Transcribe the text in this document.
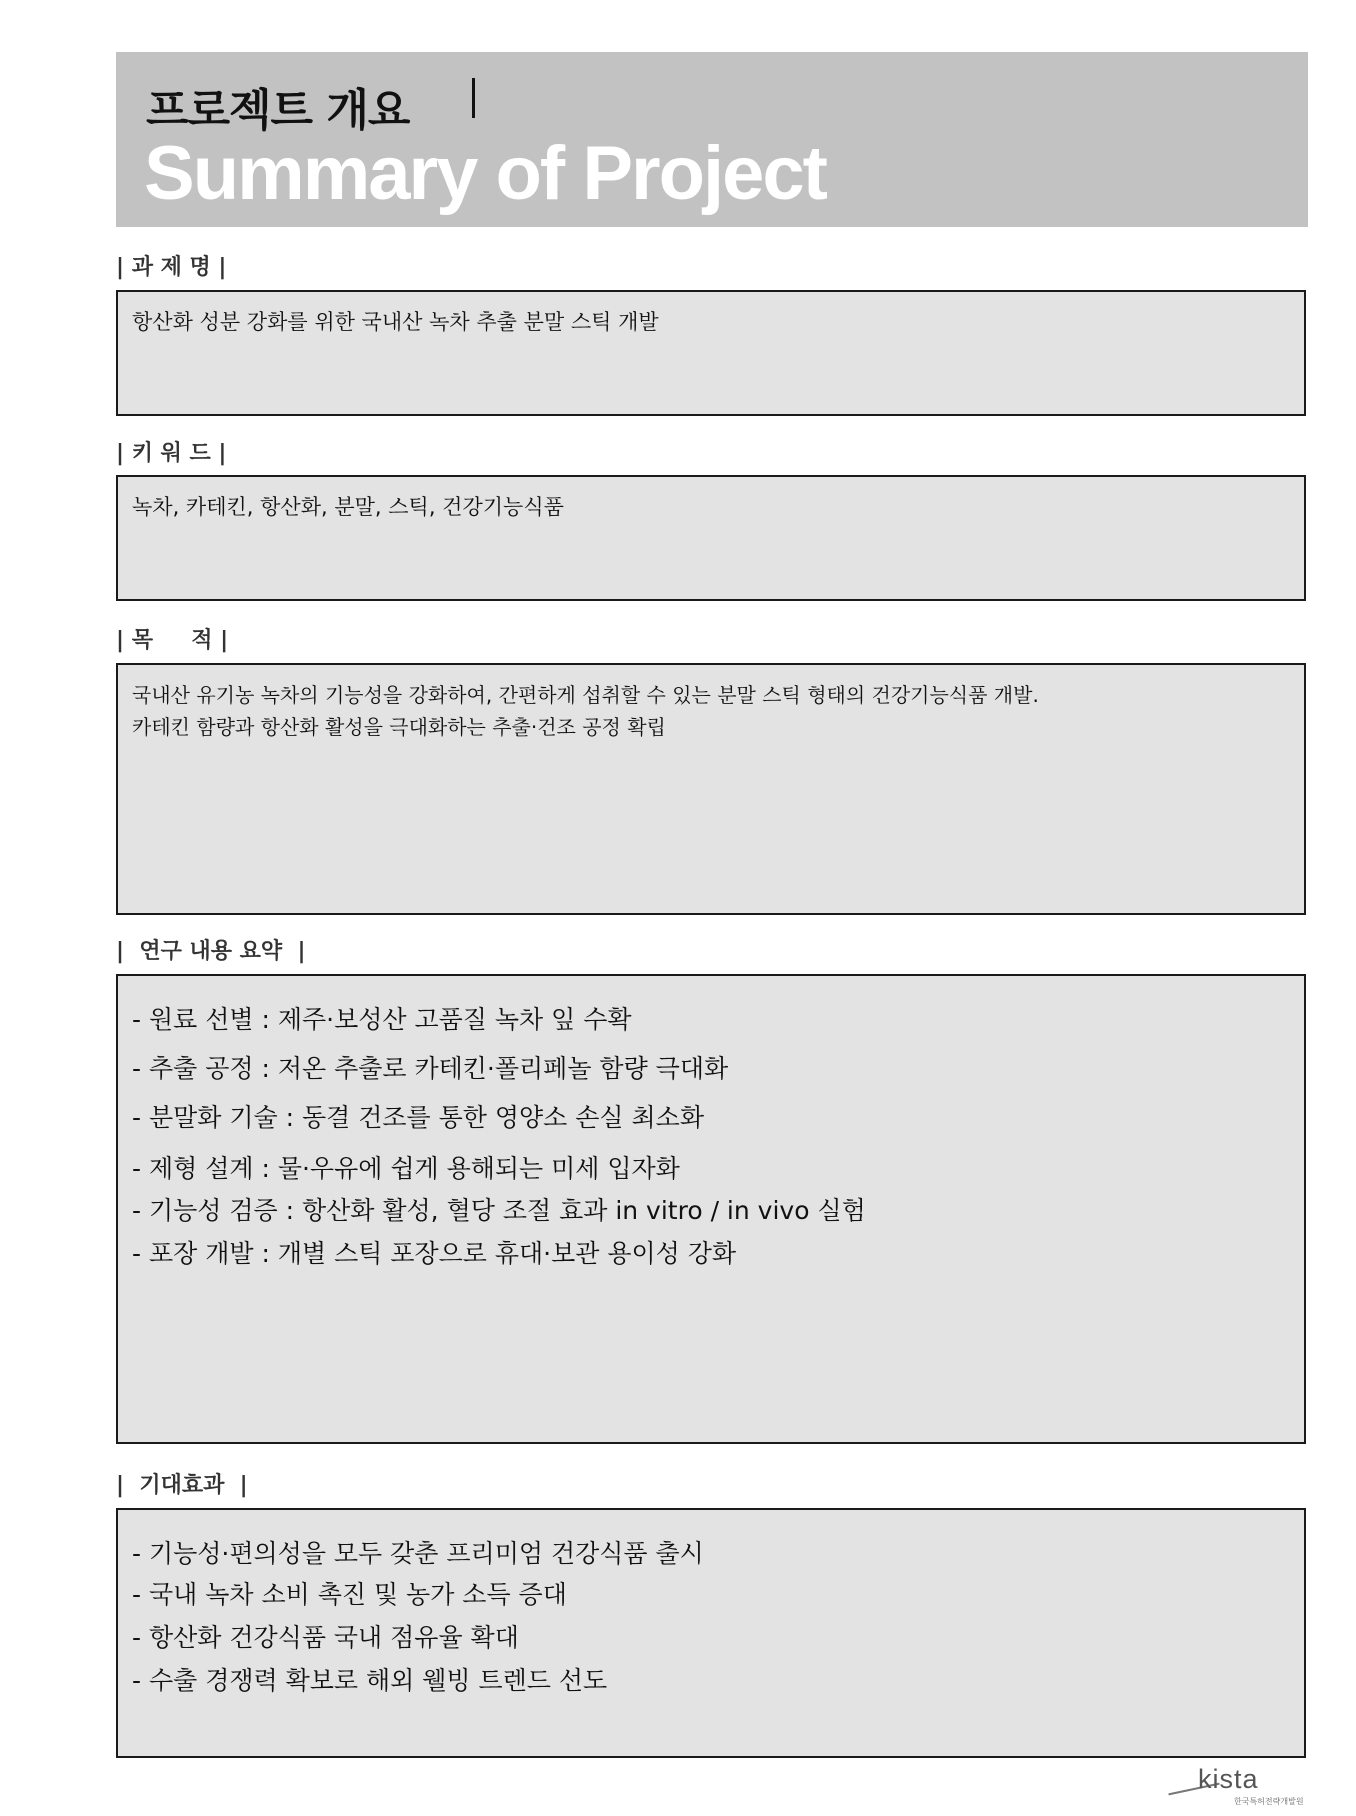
프로젝트 개요
Summary of Project
| 과 제 명 |
항산화 성분 강화를 위한 국내산 녹차 추출 분말 스틱 개발
| 키 워 드 |
녹차, 카테킨, 항산화, 분말, 스틱, 건강기능식품
| 목     적 |
국내산 유기농 녹차의 기능성을 강화하여, 간편하게 섭취할 수 있는 분말 스틱 형태의 건강기능식품 개발.
카테킨 함량과 항산화 활성을 극대화하는 추출·건조 공정 확립
|  연구 내용 요약  |
- 원료 선별 : 제주·보성산 고품질 녹차 잎 수확
- 추출 공정 : 저온 추출로 카테킨·폴리페놀 함량 극대화
- 분말화 기술 : 동결 건조를 통한 영양소 손실 최소화
- 제형 설계 : 물·우유에 쉽게 용해되는 미세 입자화
- 기능성 검증 : 항산화 활성, 혈당 조절 효과 in vitro / in vivo 실험
- 포장 개발 : 개별 스틱 포장으로 휴대·보관 용이성 강화
|  기대효과  |
- 기능성·편의성을 모두 갖춘 프리미엄 건강식품 출시
- 국내 녹차 소비 촉진 및 농가 소득 증대
- 항산화 건강식품 국내 점유율 확대
- 수출 경쟁력 확보로 해외 웰빙 트렌드 선도
kista
한국특허전략개발원
